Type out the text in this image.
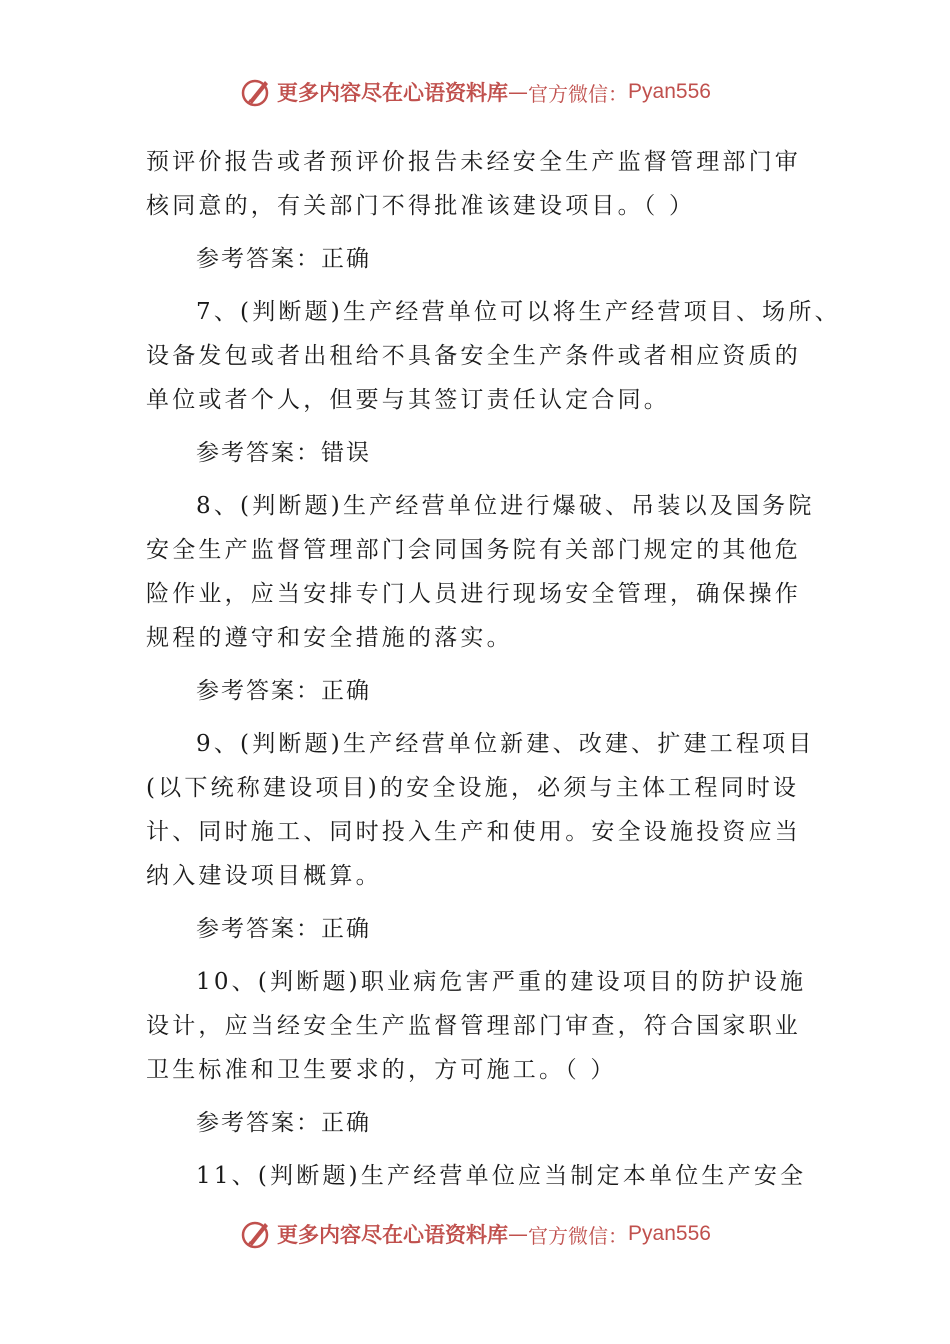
更多内容尽在心语资料库 — 官方微信： Pyan556
预评价报告或者预评价报告未经安全生产监督管理部门审
核同意的，有关部门不得批准该建设项目。（ ）
参考答案：正确
7、(判断题)生产经营单位可以将生产经营项目、场所、
设备发包或者出租给不具备安全生产条件或者相应资质的
单位或者个人，但要与其签订责任认定合同。
参考答案：错误
8、(判断题)生产经营单位进行爆破、吊装以及国务院
安全生产监督管理部门会同国务院有关部门规定的其他危
险作业，应当安排专门人员进行现场安全管理，确保操作
规程的遵守和安全措施的落实。
参考答案：正确
9、(判断题)生产经营单位新建、改建、扩建工程项目
(以下统称建设项目)的安全设施，必须与主体工程同时设
计、同时施工、同时投入生产和使用。安全设施投资应当
纳入建设项目概算。
参考答案：正确
10、(判断题)职业病危害严重的建设项目的防护设施
设计，应当经安全生产监督管理部门审查，符合国家职业
卫生标准和卫生要求的，方可施工。（ ）
参考答案：正确
11、(判断题)生产经营单位应当制定本单位生产安全
更多内容尽在心语资料库 — 官方微信： Pyan556
